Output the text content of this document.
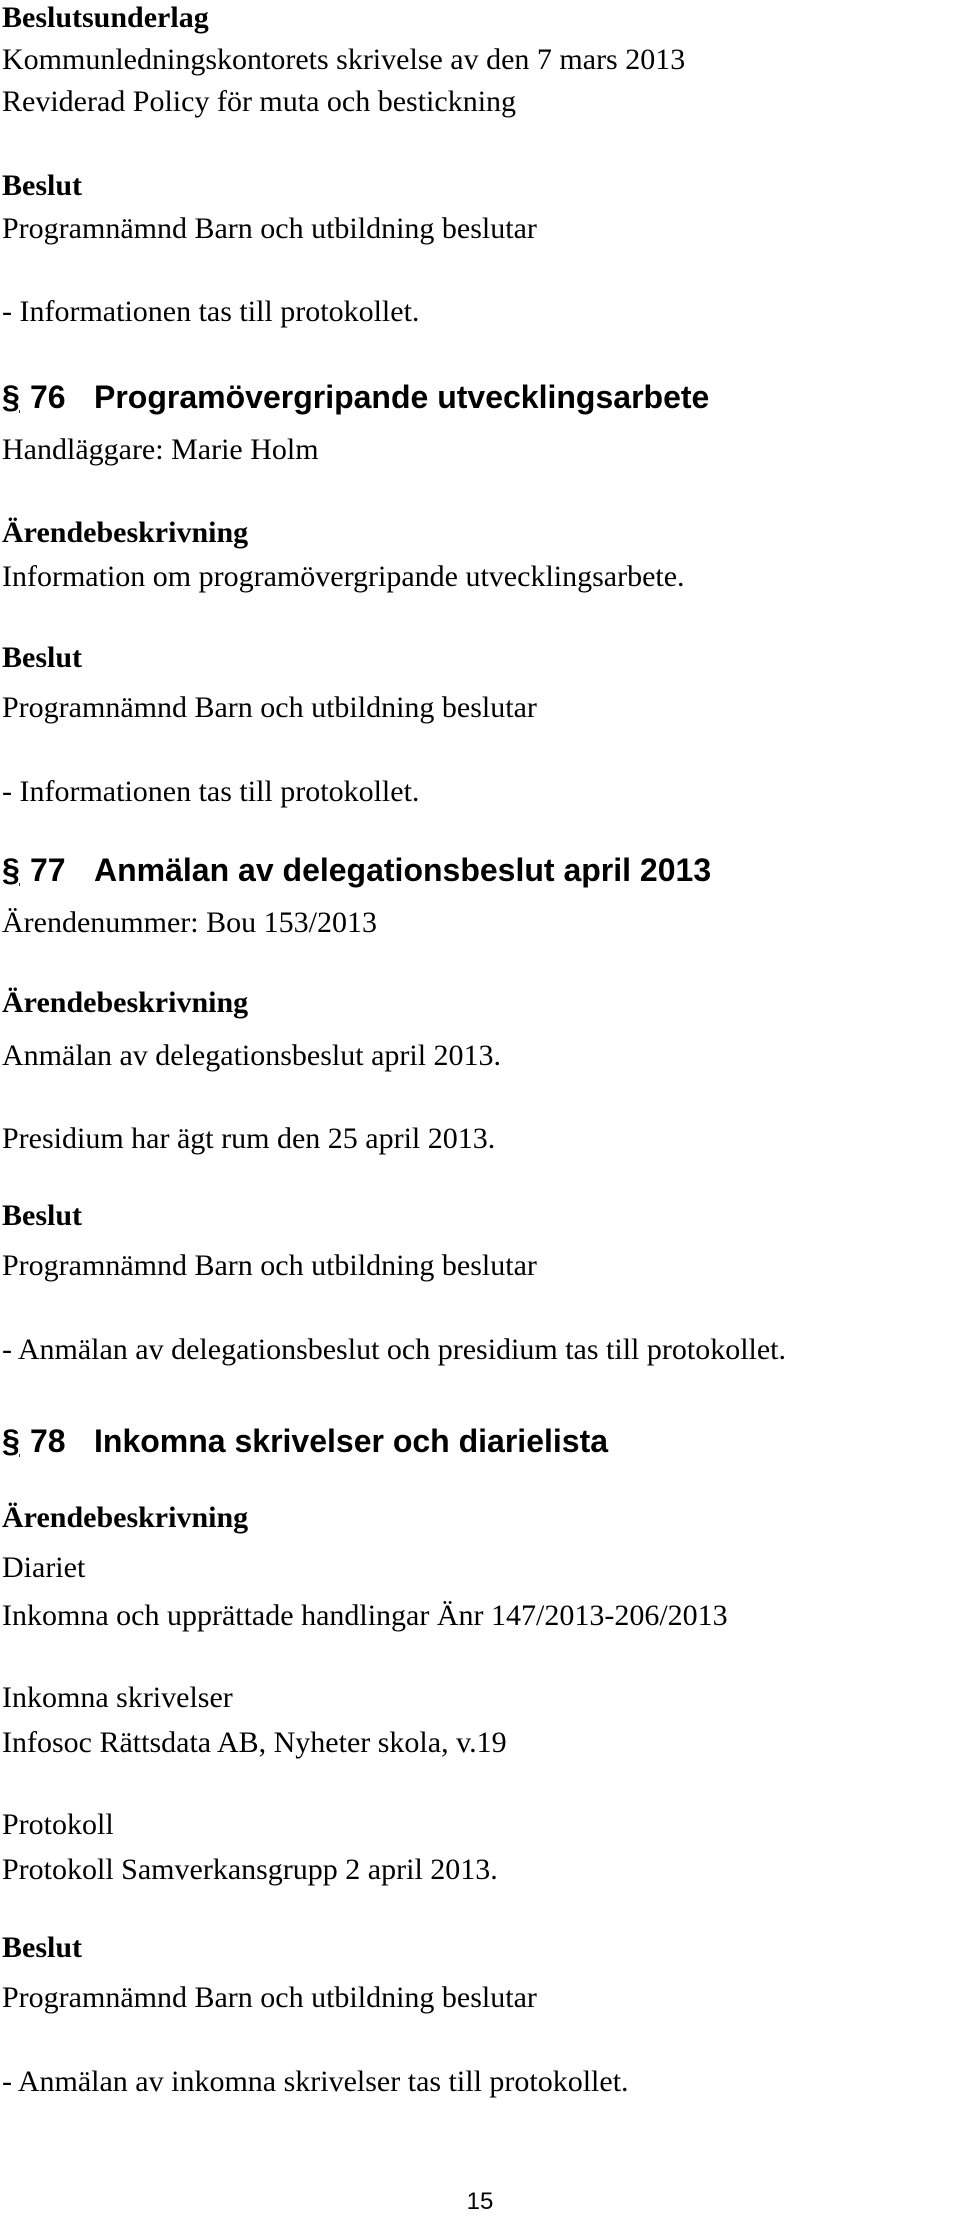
Beslutsunderlag
Kommunledningskontorets skrivelse av den 7 mars 2013
Reviderad Policy för muta och bestickning
Beslut
Programnämnd Barn och utbildning beslutar
- Informationen tas till protokollet.
§ 76 Programövergripande utvecklingsarbete
Handläggare: Marie Holm
Ärendebeskrivning
Information om programövergripande utvecklingsarbete.
Beslut
Programnämnd Barn och utbildning beslutar
- Informationen tas till protokollet.
§ 77 Anmälan av delegationsbeslut april 2013
Ärendenummer: Bou 153/2013
Ärendebeskrivning
Anmälan av delegationsbeslut april 2013.
Presidium har ägt rum den 25 april 2013.
Beslut
Programnämnd Barn och utbildning beslutar
- Anmälan av delegationsbeslut och presidium tas till protokollet.
§ 78 Inkomna skrivelser och diarielista
Ärendebeskrivning
Diariet
Inkomna och upprättade handlingar Änr 147/2013-206/2013
Inkomna skrivelser
Infosoc Rättsdata AB, Nyheter skola, v.19
Protokoll
Protokoll Samverkansgrupp 2 april 2013.
Beslut
Programnämnd Barn och utbildning beslutar
- Anmälan av inkomna skrivelser tas till protokollet.
15
